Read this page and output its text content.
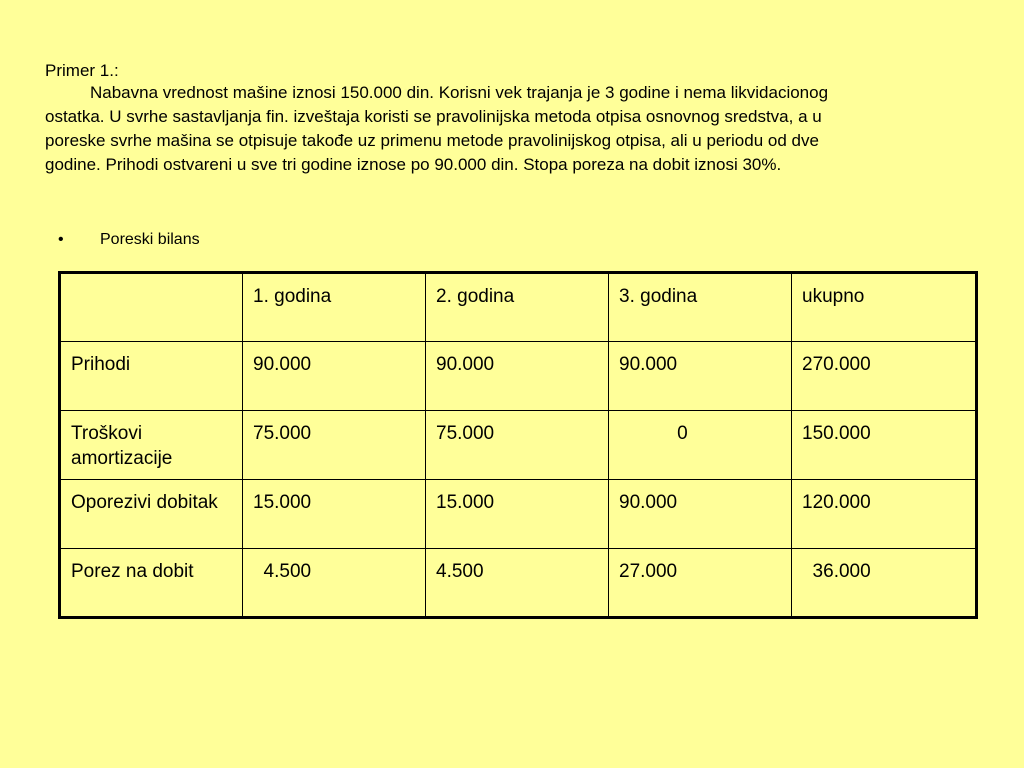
Primer 1.:
Nabavna vrednost mašine iznosi 150.000 din. Korisni vek trajanja je 3 godine i nema likvidacionog
ostatka. U svrhe sastavljanja fin. izveštaja koristi se pravolinijska metoda otpisa osnovnog sredstva, a u
poreske svrhe mašina se otpisuje takođe uz primenu metode pravolinijskog otpisa, ali u periodu od dve
godine. Prihodi ostvareni u sve tri godine iznose po 90.000 din. Stopa poreza na dobit iznosi 30%.
• Poreski bilans
	1. godina	2. godina	3. godina	ukupno
Prihodi	90.000	90.000	90.000	270.000
Troškovi amortizacije	75.000	75.000	0	150.000
Oporezivi dobitak	15.000	15.000	90.000	120.000
Porez na dobit	4.500	4.500	27.000	36.000
